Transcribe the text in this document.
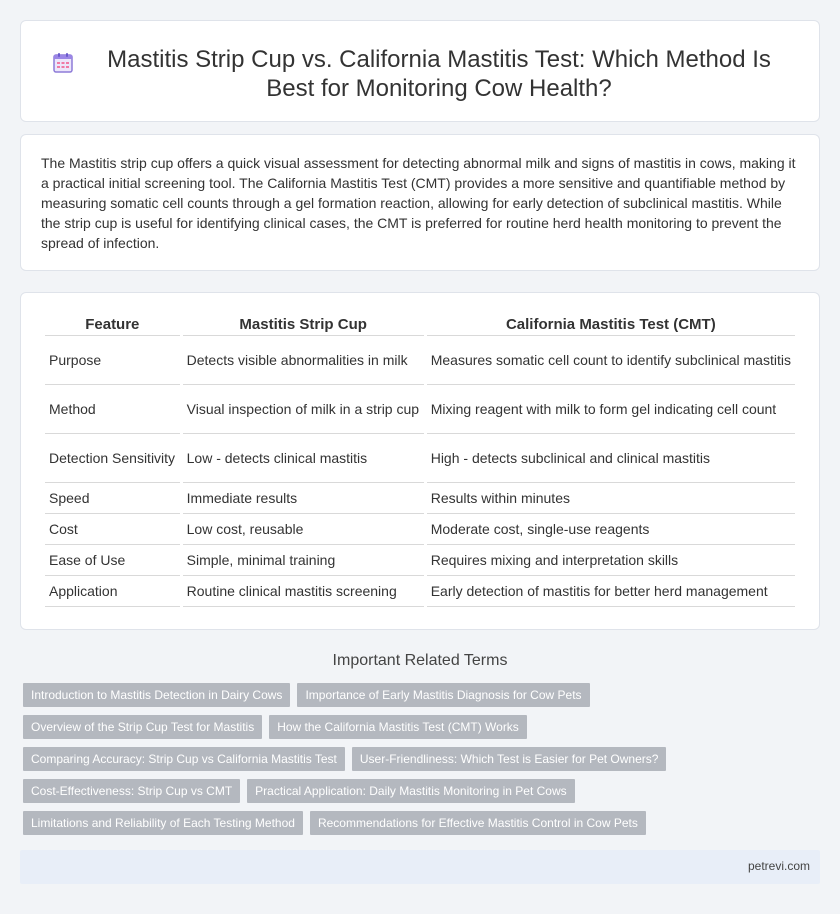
Mastitis Strip Cup vs. California Mastitis Test: Which Method Is Best for Monitoring Cow Health?

The Mastitis strip cup offers a quick visual assessment for detecting abnormal milk and signs of mastitis in cows, making it a practical initial screening tool. The California Mastitis Test (CMT) provides a more sensitive and quantifiable method by measuring somatic cell counts through a gel formation reaction, allowing for early detection of subclinical mastitis. While the strip cup is useful for identifying clinical cases, the CMT is preferred for routine herd health monitoring to prevent the spread of infection.

Feature	Mastitis Strip Cup	California Mastitis Test (CMT)
Purpose	Detects visible abnormalities in milk	Measures somatic cell count to identify subclinical mastitis
Method	Visual inspection of milk in a strip cup	Mixing reagent with milk to form gel indicating cell count
Detection Sensitivity	Low - detects clinical mastitis	High - detects subclinical and clinical mastitis
Speed	Immediate results	Results within minutes
Cost	Low cost, reusable	Moderate cost, single-use reagents
Ease of Use	Simple, minimal training	Requires mixing and interpretation skills
Application	Routine clinical mastitis screening	Early detection of mastitis for better herd management
Important Related Terms
Introduction to Mastitis Detection in Dairy Cows	Importance of Early Mastitis Diagnosis for Cow Pets
Overview of the Strip Cup Test for Mastitis	How the California Mastitis Test (CMT) Works
Comparing Accuracy: Strip Cup vs California Mastitis Test	User-Friendliness: Which Test is Easier for Pet Owners?
Cost-Effectiveness: Strip Cup vs CMT	Practical Application: Daily Mastitis Monitoring in Pet Cows
Limitations and Reliability of Each Testing Method	Recommendations for Effective Mastitis Control in Cow Pets
petrevi.com
